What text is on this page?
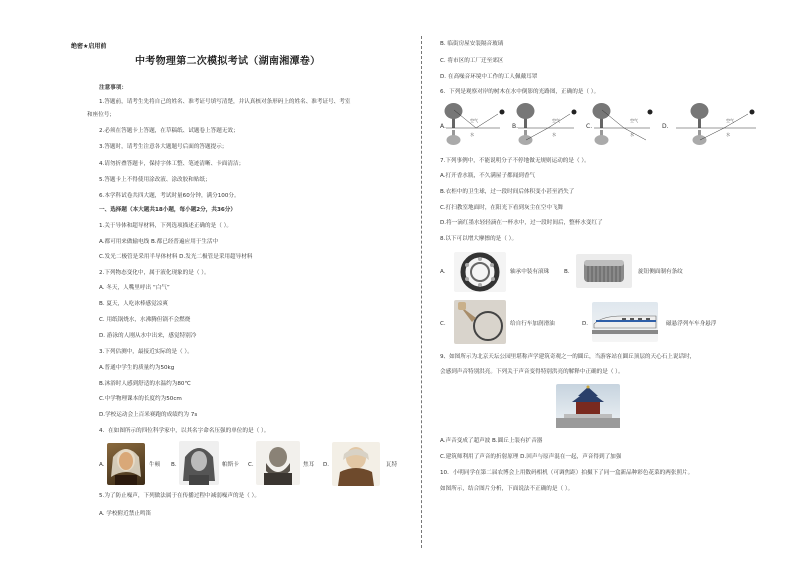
绝密★启用前
中考物理第二次模拟考试（湖南湘潭卷）
注意事项：
1.答题前，请考生先将自己的姓名、准考证号填写清楚，并认真核对条形码上的姓名、准考证号、考室
和座位号；
2.必须在答题卡上答题，在草稿纸、试题卷上答题无效；
3.答题时，请考生注意各大题题号后面的答题提示；
4.请勿折叠答题卡，保持字体工整、笔迹清晰、卡面清洁；
5.答题卡上不得使用涂改液、涂改胶和贴纸；
6.本学科试卷共四大题，考试时量60分钟，满分100分。
一、选择题（本大题共18小题，每小题2分，共36分）
1.关于导体和超导材料，下列选项描述正确的是（ ）。
A.都可用来做输电线 B.都已经普遍应用于生活中
C.发光二极管是采用半导体材料 D.发光二极管是采用超导材料
2.下列物态变化中，属于液化现象的是（ ）。
A. 冬天，人嘴里呼出 “白气”
B. 夏天，人吃冰棒感觉凉爽
C. 用纸锅烧水，水沸腾但锅不会燃烧
D. 游泳的人刚从水中出来，感觉特别冷
3.下列估测中，最接近实际的是（ ）。
A.普通中学生的质量约为50kg
B.沐浴时人感到舒适的水温约为80℃
C.中学物理课本的长度约为50cm
D.学校运动会上百米赛跑的成绩约为 7s
4．在如图所示的四位科学家中，以其名字命名压强的单位的是（ ）。
A.	牛顿 B.	帕斯卡 C.	焦耳 D.	瓦特
5.为了防止噪声，下列做法属于在传播过程中减弱噪声的是（ ）。
A. 学校附近禁止鸣笛
B. 临街房屋安装隔音玻璃
C. 将市区的工厂迁至郊区
D. 在高噪音环境中工作的工人佩戴耳罩
6．下列是观察对岸的树木在水中倒影的光路图，正确的是（ ）。
A.
空气
水
B.
空气
水
C.
空气
水
D.
空气
水
7.下列事例中，不能说明分子不停地做无规则运动的是（ ）。
A.打开香水瓶，不久满屋子都闻到香气
B.衣柜中的卫生球，过一段时间后体积变小甚至消失了
C.打扫教室地面时，在阳光下看到灰尘在空中飞舞
D.将一滴红墨水轻轻滴在一杯水中，过一段时间后，整杯水变红了
8.以下可以增大摩擦的是（ ）。
A.	轴承中装有滚珠	B.	旋钮侧面制有条纹
C.	给自行车加润滑油	D.	磁悬浮列车车身悬浮
9、如图所示为北京天坛公园里堪称声学建筑奇观之一的圜丘，当游客站在圜丘顶层的天心石上说话时，
会感到声音特别洪亮。下列关于声音变得特别洪亮的解释中正确的是（ ）。
A.声音变成了超声波 B.圜丘上装有扩音器
C.建筑师利用了声音的折射原理 D.回声与原声混在一起，声音得到了加强
10．小明同学在第二届农博会上用数码相机（可调焦距）拍摄下了同一盒新品种彩色花菜的两张照片。
如图所示，结合图片分析，下面说法不正确的是（ ）。
